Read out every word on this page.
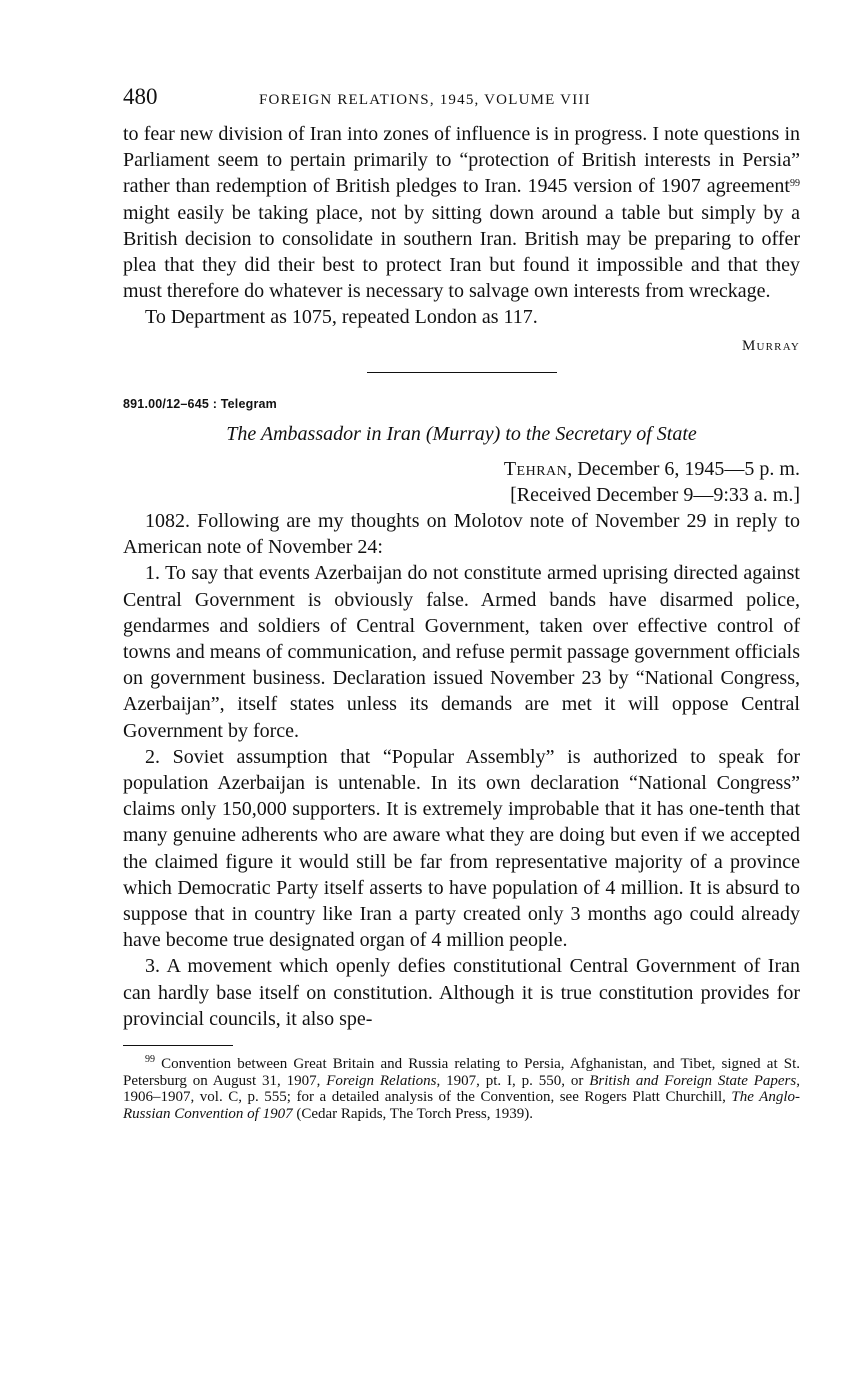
480	FOREIGN RELATIONS, 1945, VOLUME VIII

to fear new division of Iran into zones of influence is in progress. I note questions in Parliament seem to pertain primarily to “protection of British interests in Persia” rather than redemption of British pledges to Iran. 1945 version of 1907 agreement$^{99}$ might easily be taking place, not by sitting down around a table but simply by a British decision to consolidate in southern Iran. British may be preparing to offer plea that they did their best to protect Iran but found it impossible and that they must therefore do whatever is necessary to salvage own interests from wreckage.

To Department as 1075, repeated London as 117.

Murray
891.00/12–645 : Telegram
The Ambassador in Iran (Murray) to the Secretary of State
Tehran, December 6, 1945—5 p. m.
[Received December 9—9:33 a. m.]

1082. Following are my thoughts on Molotov note of November 29 in reply to American note of November 24:

1. To say that events Azerbaijan do not constitute armed uprising directed against Central Government is obviously false. Armed bands have disarmed police, gendarmes and soldiers of Central Government, taken over effective control of towns and means of communication, and refuse permit passage government officials on government business. Declaration issued November 23 by “National Congress, Azerbaijan”, itself states unless its demands are met it will oppose Central Government by force.

2. Soviet assumption that “Popular Assembly” is authorized to speak for population Azerbaijan is untenable. In its own declaration “National Congress” claims only 150,000 supporters. It is extremely improbable that it has one-tenth that many genuine adherents who are aware what they are doing but even if we accepted the claimed figure it would still be far from representative majority of a province which Democratic Party itself asserts to have population of 4 million. It is absurd to suppose that in country like Iran a party created only 3 months ago could already have become true designated organ of 4 million people.

3. A movement which openly defies constitutional Central Government of Iran can hardly base itself on constitution. Although it is true constitution provides for provincial councils, it also spe-

$^{99}$ Convention between Great Britain and Russia relating to Persia, Afghanistan, and Tibet, signed at St. Petersburg on August 31, 1907, Foreign Relations, 1907, pt. I, p. 550, or British and Foreign State Papers, 1906–1907, vol. C, p. 555; for a detailed analysis of the Convention, see Rogers Platt Churchill, The Anglo-Russian Convention of 1907 (Cedar Rapids, The Torch Press, 1939).
